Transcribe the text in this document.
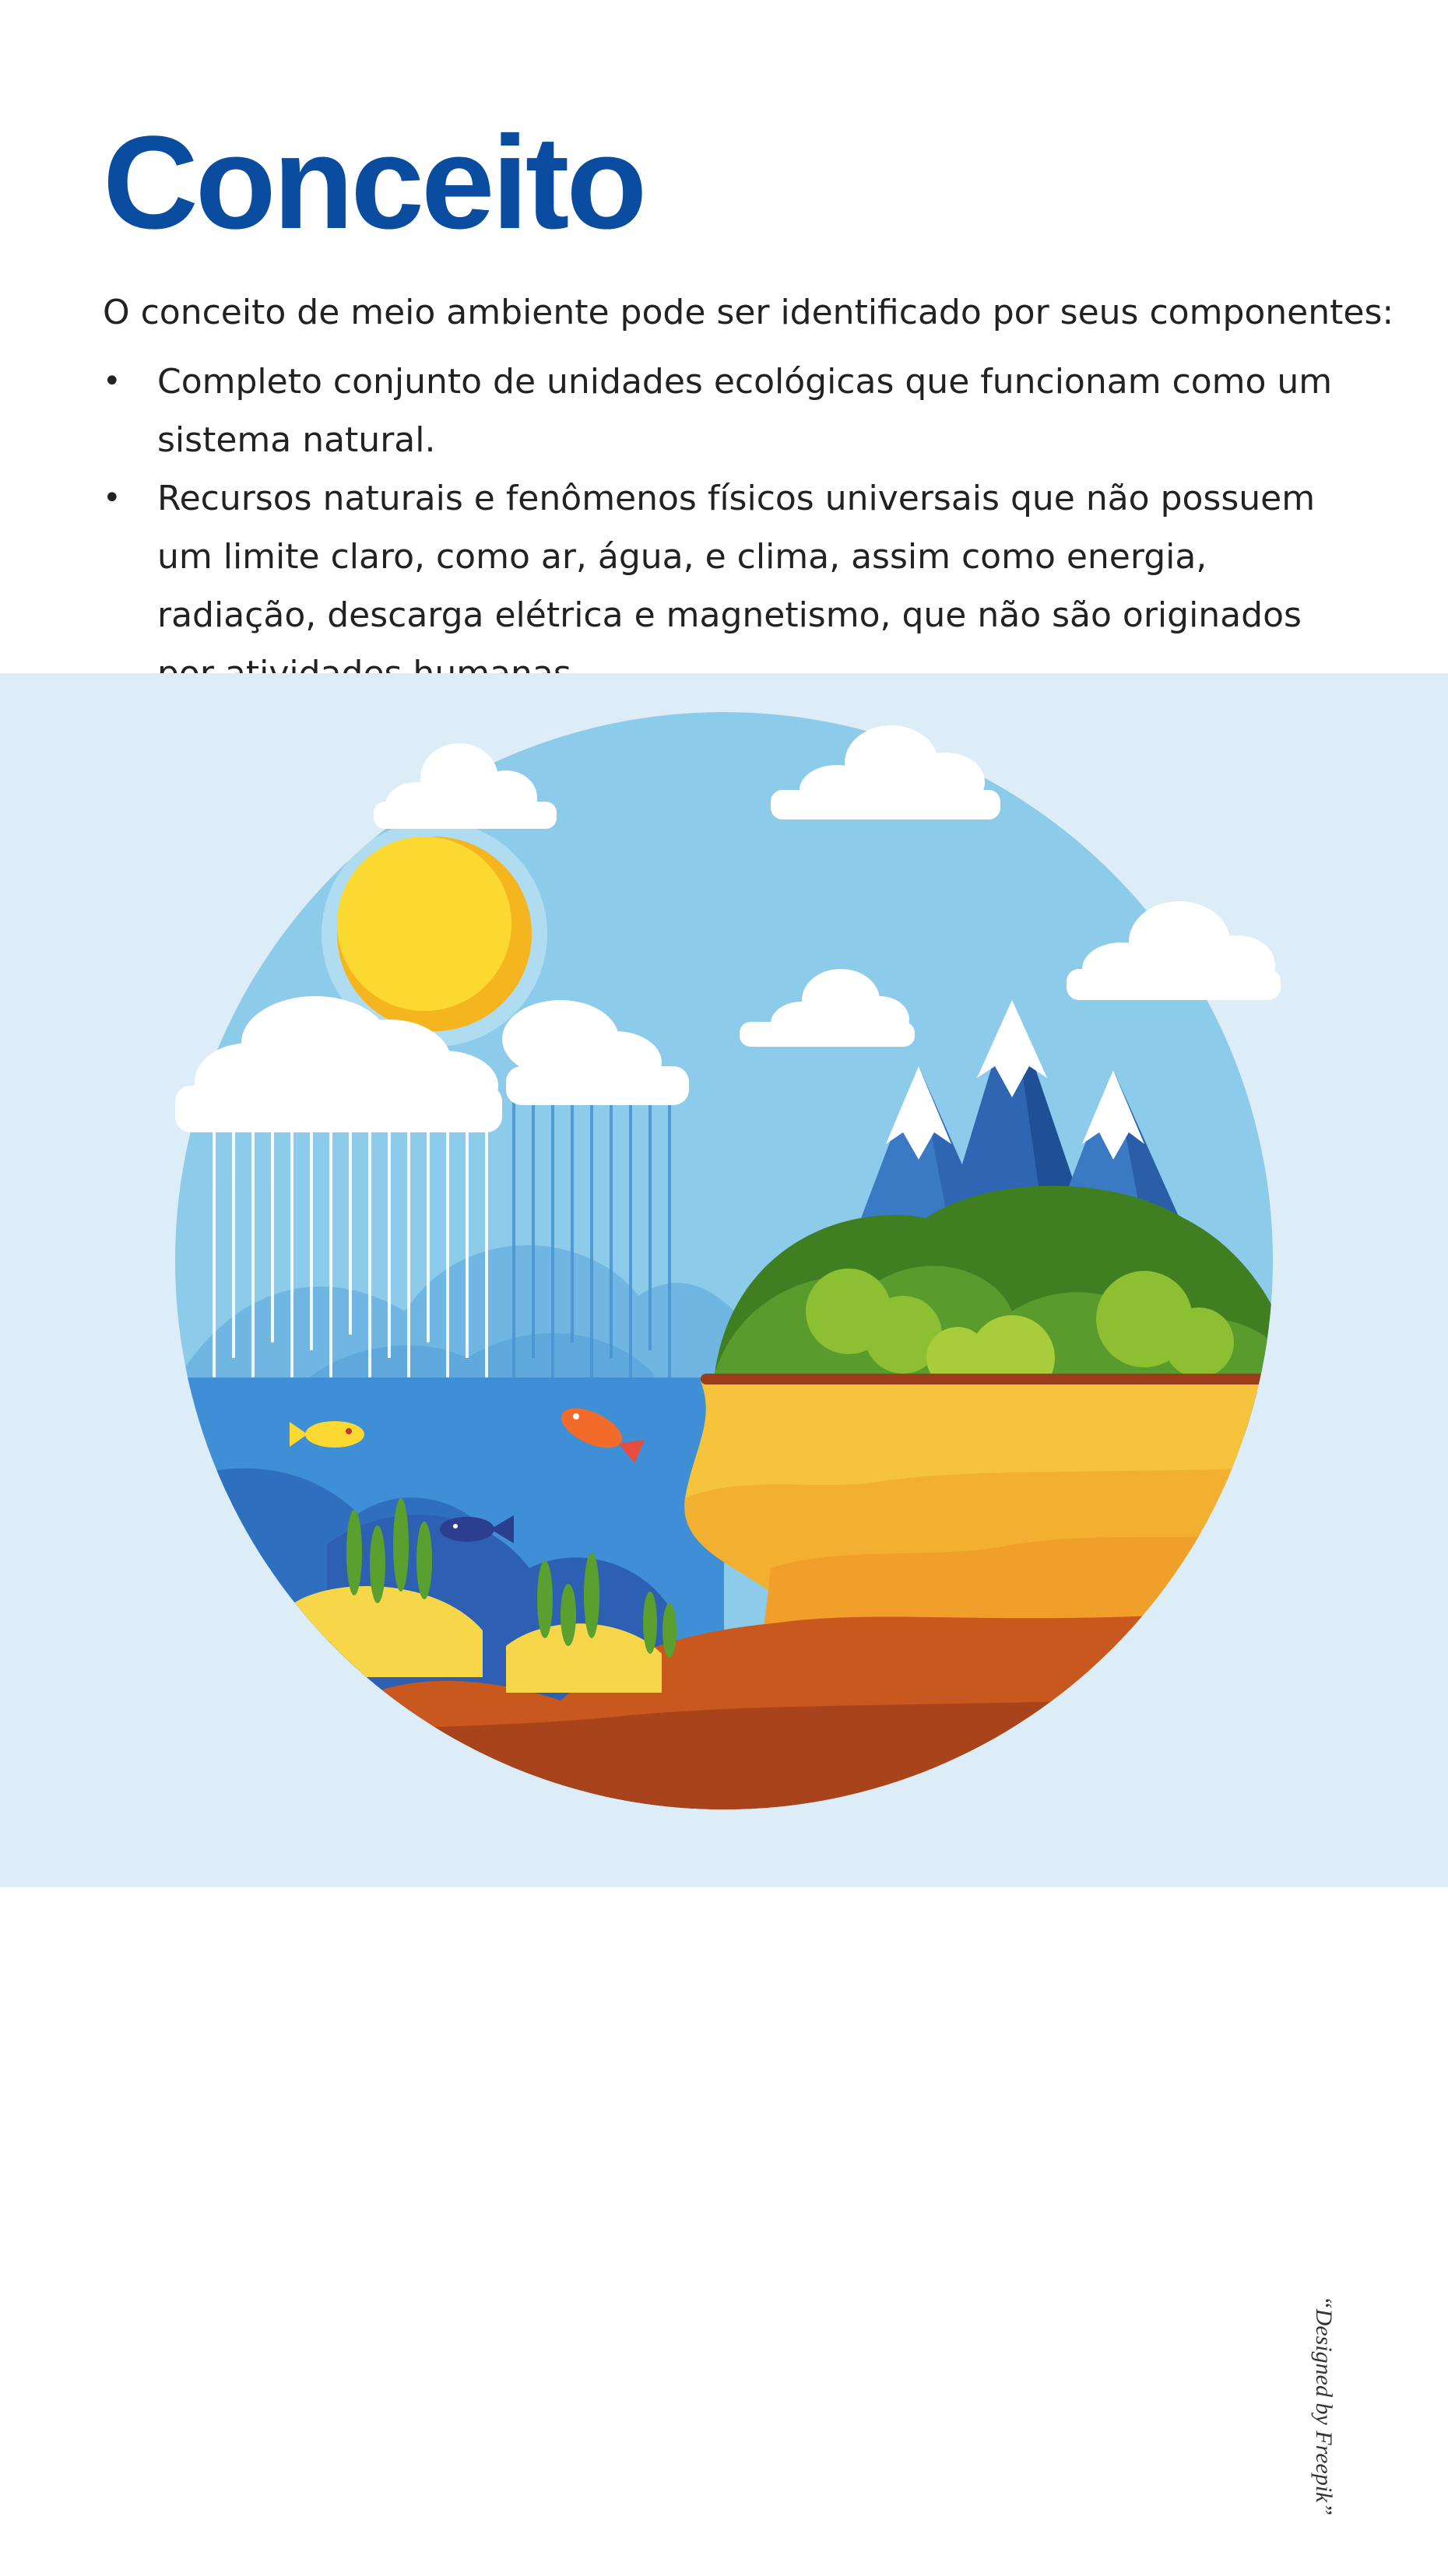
Conceito

O conceito de meio ambiente pode ser identificado por seus componentes:

• Completo conjunto de unidades ecológicas que funcionam como um sistema natural.
• Recursos naturais e fenômenos físicos universais que não possuem um limite claro, como ar, água, e clima, assim como energia, radiação, descarga elétrica e magnetismo, que não são originados
“Designed by Freepik”
